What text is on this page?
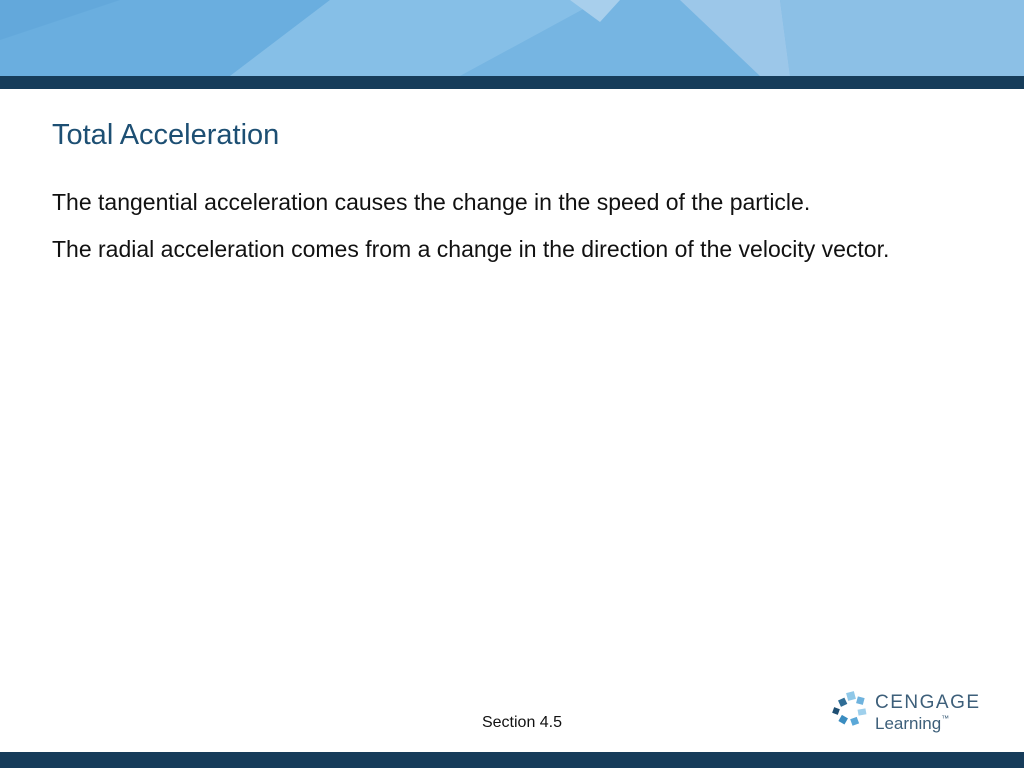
Total Acceleration

The tangential acceleration causes the change in the speed of the particle.

The radial acceleration comes from a change in the direction of the velocity vector.

Section 4.5
CENGAGE
Learning™
